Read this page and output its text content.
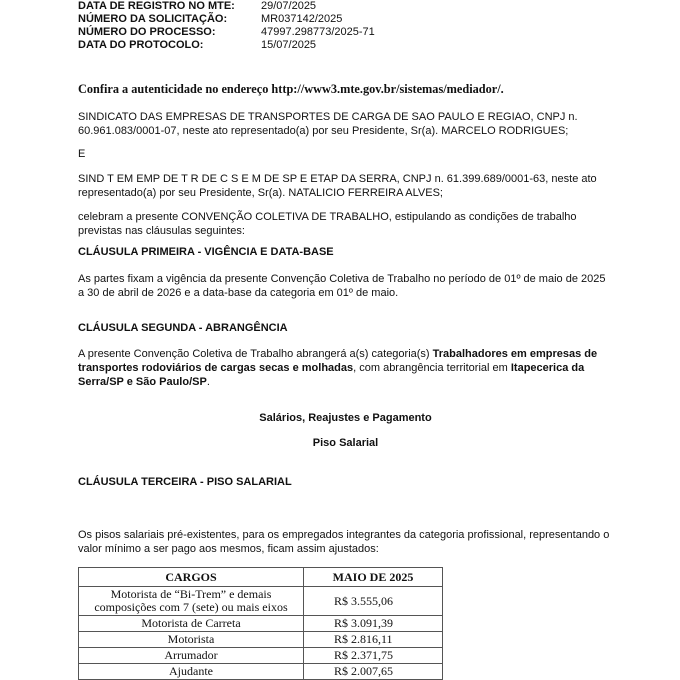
DATA DE REGISTRO NO MTE:	29/07/2025
NÚMERO DA SOLICITAÇÃO:	MR037142/2025
NÚMERO DO PROCESSO:	47997.298773/2025-71
DATA DO PROTOCOLO:	15/07/2025
Confira a autenticidade no endereço http://www3.mte.gov.br/sistemas/mediador/.
SINDICATO DAS EMPRESAS DE TRANSPORTES DE CARGA DE SAO PAULO E REGIAO, CNPJ n. 60.961.083/0001-07, neste ato representado(a) por seu Presidente, Sr(a). MARCELO RODRIGUES;
E
SIND T EM EMP DE T R DE C S E M DE SP E ETAP DA SERRA, CNPJ n. 61.399.689/0001-63, neste ato representado(a) por seu Presidente, Sr(a). NATALICIO FERREIRA ALVES;
celebram a presente CONVENÇÃO COLETIVA DE TRABALHO, estipulando as condições de trabalho previstas nas cláusulas seguintes:
CLÁUSULA PRIMEIRA - VIGÊNCIA E DATA-BASE
As partes fixam a vigência da presente Convenção Coletiva de Trabalho no período de 01º de maio de 2025 a 30 de abril de 2026 e a data-base da categoria em 01º de maio.
CLÁUSULA SEGUNDA - ABRANGÊNCIA
A presente Convenção Coletiva de Trabalho abrangerá a(s) categoria(s) Trabalhadores em empresas de transportes rodoviários de cargas secas e molhadas, com abrangência territorial em Itapecerica da Serra/SP e São Paulo/SP.
Salários, Reajustes e Pagamento
Piso Salarial
CLÁUSULA TERCEIRA - PISO SALARIAL
Os pisos salariais pré-existentes, para os empregados integrantes da categoria profissional, representando o valor mínimo a ser pago aos mesmos, ficam assim ajustados:
CARGOS	MAIO DE 2025
Motorista de “Bi-Trem” e demais composições com 7 (sete) ou mais eixos	R$ 3.555,06
Motorista de Carreta	R$ 3.091,39
Motorista	R$ 2.816,11
Arrumador	R$ 2.371,75
Ajudante	R$ 2.007,65
